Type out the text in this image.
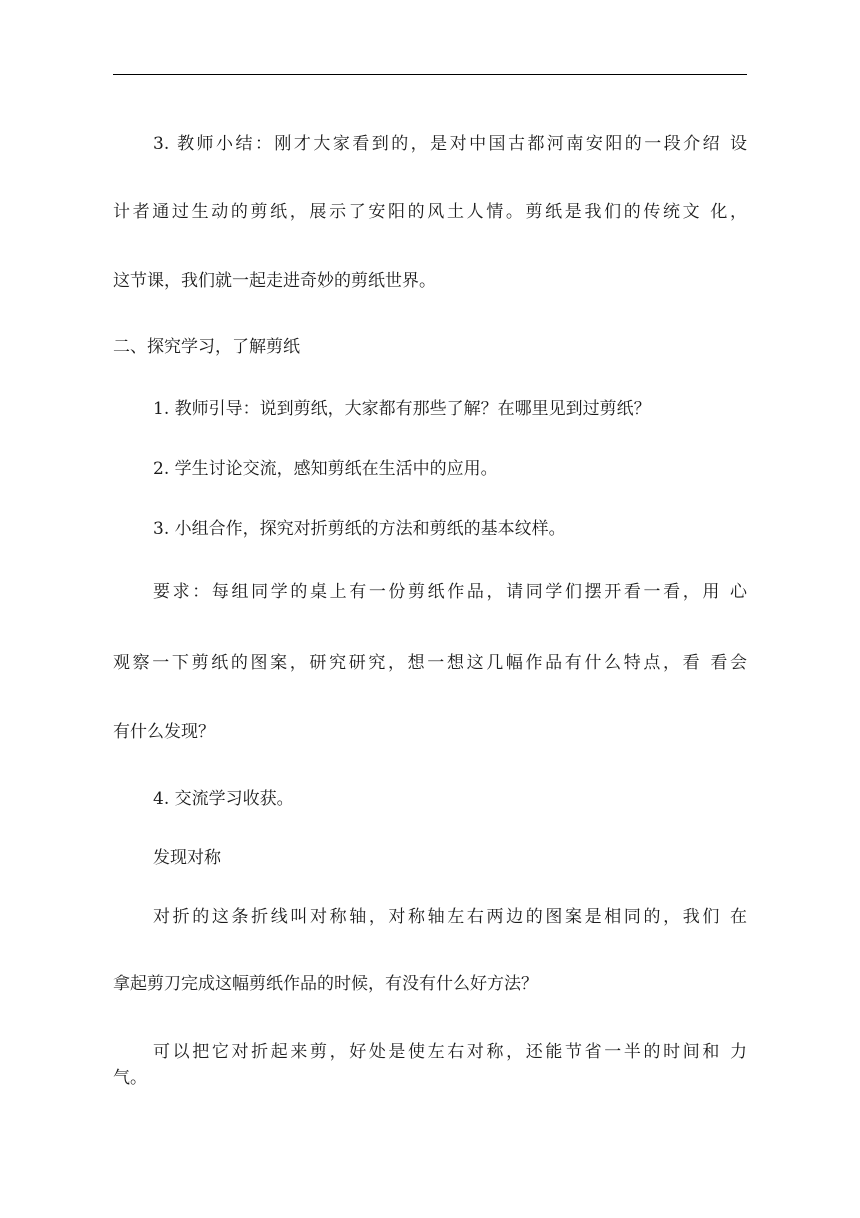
3. 教师小结：刚才大家看到的，是对中国古都河南安阳的一段介绍 设

计者通过生动的剪纸，展示了安阳的风土人情。剪纸是我们的传统文 化，

这节课，我们就一起走进奇妙的剪纸世界。

二、探究学习，了解剪纸

1. 教师引导：说到剪纸，大家都有那些了解？在哪里见到过剪纸？

2. 学生讨论交流，感知剪纸在生活中的应用。

3. 小组合作，探究对折剪纸的方法和剪纸的基本纹样。

要求：每组同学的桌上有一份剪纸作品，请同学们摆开看一看，用 心

观察一下剪纸的图案，研究研究，想一想这几幅作品有什么特点，看 看会

有什么发现？

4. 交流学习收获。

发现对称

对折的这条折线叫对称轴，对称轴左右两边的图案是相同的，我们 在

拿起剪刀完成这幅剪纸作品的时候，有没有什么好方法？

可以把它对折起来剪，好处是使左右对称，还能节省一半的时间和 力

气。
